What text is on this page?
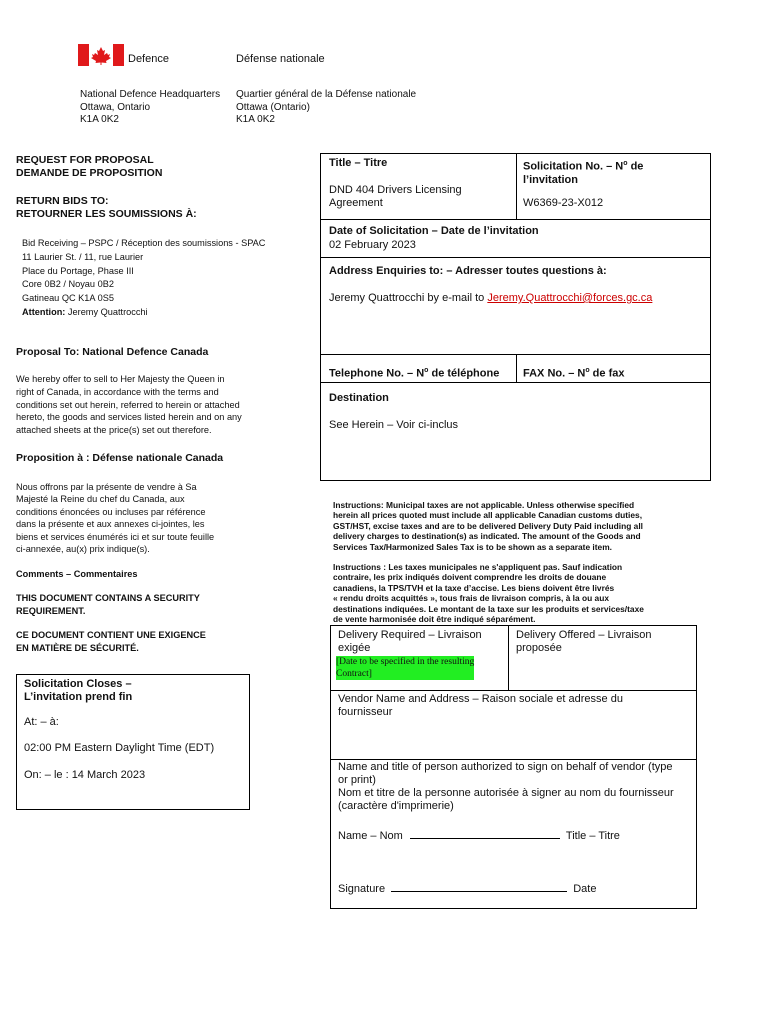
Defence	Défense nationale
National Defence Headquarters
Ottawa, Ontario
K1A 0K2
Quartier général de la Défense nationale
Ottawa (Ontario)
K1A 0K2
REQUEST FOR PROPOSAL
DEMANDE DE PROPOSITION
RETURN BIDS TO:
RETOURNER LES SOUMISSIONS À:
Bid Receiving – PSPC / Réception des soumissions - SPAC
11 Laurier St. / 11, rue Laurier
Place du Portage, Phase III
Core 0B2 / Noyau 0B2
Gatineau QC K1A 0S5
Attention: Jeremy Quattrocchi
Proposal To: National Defence Canada
We hereby offer to sell to Her Majesty the Queen in
right of Canada, in accordance with the terms and
conditions set out herein, referred to herein or attached
hereto, the goods and services listed herein and on any
attached sheets at the price(s) set out therefore.
Proposition à : Défense nationale Canada
Nous offrons par la présente de vendre à Sa
Majesté la Reine du chef du Canada, aux
conditions énoncées ou incluses par référence
dans la présente et aux annexes ci-jointes, les
biens et services énumérés ici et sur toute feuille
ci-annexée, au(x) prix indique(s).
Comments – Commentaires
THIS DOCUMENT CONTAINS A SECURITY
REQUIREMENT.
CE DOCUMENT CONTIENT UNE EXIGENCE
EN MATIÈRE DE SÉCURITÉ.
Solicitation Closes –
L’invitation prend fin
At: – à:
02:00 PM Eastern Daylight Time (EDT)
On: – le : 14 March 2023
Title – Titre
DND 404 Drivers Licensing
Agreement
Solicitation No. – $N^o$ de
l’invitation
W6369-23-X012
Date of Solicitation – Date de l’invitation
02 February 2023
Address Enquiries to: – Adresser toutes questions à:
Jeremy Quattrocchi by e-mail to Jeremy.Quattrocchi@forces.gc.ca
Telephone No. – $N^o$ de téléphone FAX No. – $N^o$ de fax
Destination
See Herein – Voir ci-inclus
Instructions: Municipal taxes are not applicable. Unless otherwise specified
herein all prices quoted must include all applicable Canadian customs duties,
GST/HST, excise taxes and are to be delivered Delivery Duty Paid including all
delivery charges to destination(s) as indicated. The amount of the Goods and
Services Tax/Harmonized Sales Tax is to be shown as a separate item.
Instructions : Les taxes municipales ne s'appliquent pas. Sauf indication
contraire, les prix indiqués doivent comprendre les droits de douane
canadiens, la TPS/TVH et la taxe d’accise. Les biens doivent être livrés
« rendu droits acquittés », tous frais de livraison compris, à la ou aux
destinations indiquées. Le montant de la taxe sur les produits et services/taxe
de vente harmonisée doit être indiqué séparément.
Delivery Required – Livraison
exigée
[Date to be specified in the resulting
Contract]
Delivery Offered – Livraison
proposée
Vendor Name and Address – Raison sociale et adresse du
fournisseur
Name and title of person authorized to sign on behalf of vendor (type
or print)
Nom et titre de la personne autorisée à signer au nom du fournisseur
(caractère d'imprimerie)
Name – Nom	Title – Titre
Signature	Date
